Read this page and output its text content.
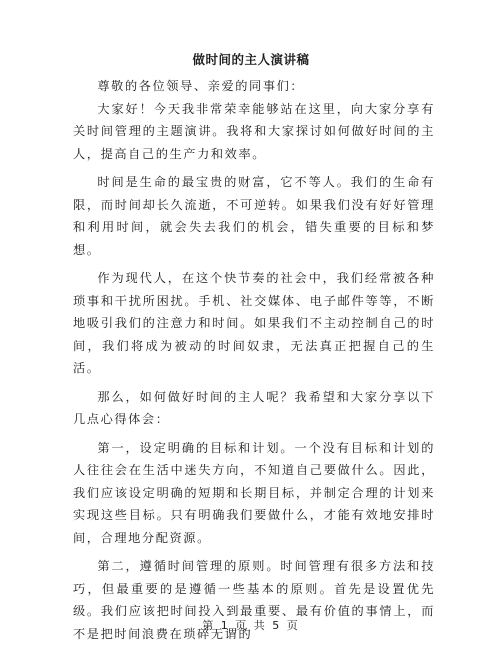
做时间的主人演讲稿

尊敬的各位领导、亲爱的同事们：

大家好！今天我非常荣幸能够站在这里，向大家分享有关时间管理的主题演讲。我将和大家探讨如何做好时间的主人，提高自己的生产力和效率。

时间是生命的最宝贵的财富，它不等人。我们的生命有限，而时间却长久流逝，不可逆转。如果我们没有好好管理和利用时间，就会失去我们的机会，错失重要的目标和梦想。

作为现代人，在这个快节奏的社会中，我们经常被各种琐事和干扰所困扰。手机、社交媒体、电子邮件等等，不断地吸引我们的注意力和时间。如果我们不主动控制自己的时间，我们将成为被动的时间奴隶，无法真正把握自己的生活。

那么，如何做好时间的主人呢？我希望和大家分享以下几点心得体会：

第一，设定明确的目标和计划。一个没有目标和计划的人往往会在生活中迷失方向，不知道自己要做什么。因此，我们应该设定明确的短期和长期目标，并制定合理的计划来实现这些目标。只有明确我们要做什么，才能有效地安排时间，合理地分配资源。

第二，遵循时间管理的原则。时间管理有很多方法和技巧，但最重要的是遵循一些基本的原则。首先是设置优先级。我们应该把时间投入到最重要、最有价值的事情上，而不是把时间浪费在琐碎无谓的

第 1 页 共 5 页
